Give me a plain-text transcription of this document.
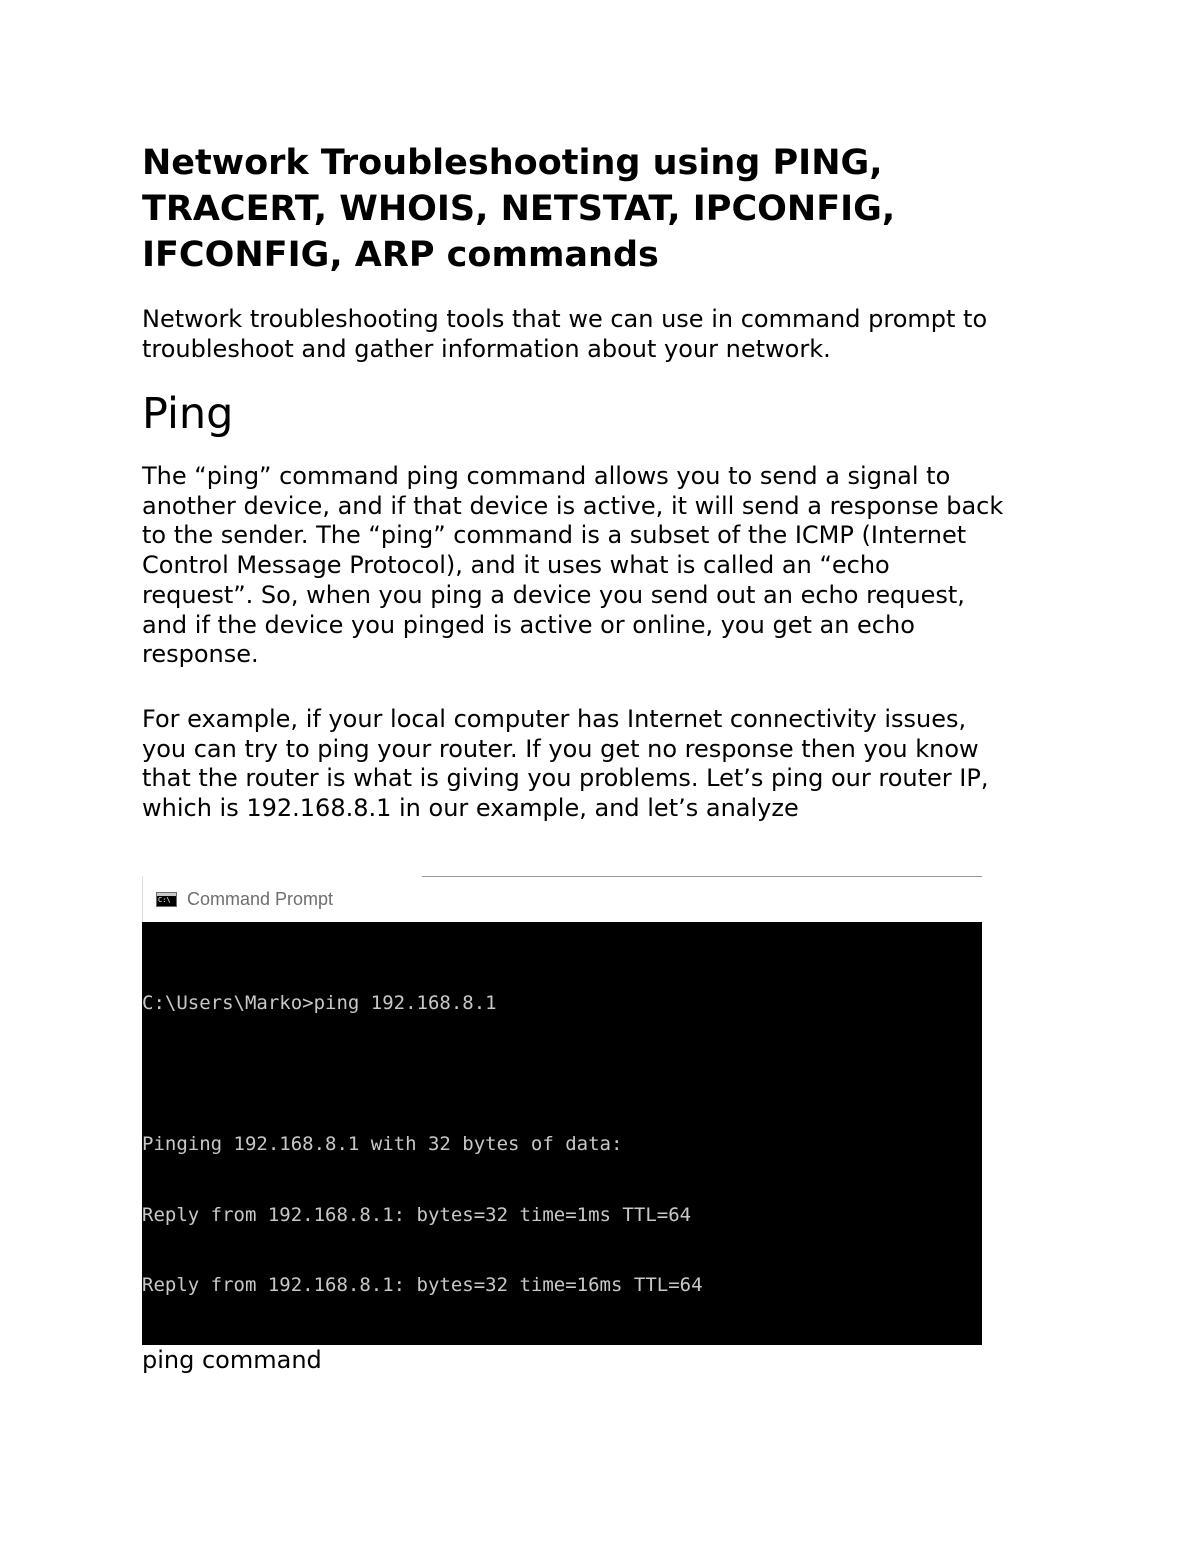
Network Troubleshooting using PING,
TRACERT, WHOIS, NETSTAT, IPCONFIG,
IFCONFIG, ARP commands

Network troubleshooting tools that we can use in command prompt to
troubleshoot and gather information about your network.

Ping

The “ping” command ping command allows you to send a signal to
another device, and if that device is active, it will send a response back
to the sender. The “ping” command is a subset of the ICMP (Internet
Control Message Protocol), and it uses what is called an “echo
request”. So, when you ping a device you send out an echo request,
and if the device you pinged is active or online, you get an echo
response.

For example, if your local computer has Internet connectivity issues,
you can try to ping your router. If you get no response then you know
that the router is what is giving you problems. Let’s ping our router IP,
which is 192.168.8.1 in our example, and let’s analyze

C:\
Command Prompt

C:\Users\Marko>ping 192.168.8.1

Pinging 192.168.8.1 with 32 bytes of data:

Reply from 192.168.8.1: bytes=32 time=1ms TTL=64

Reply from 192.168.8.1: bytes=32 time=16ms TTL=64

ping command
